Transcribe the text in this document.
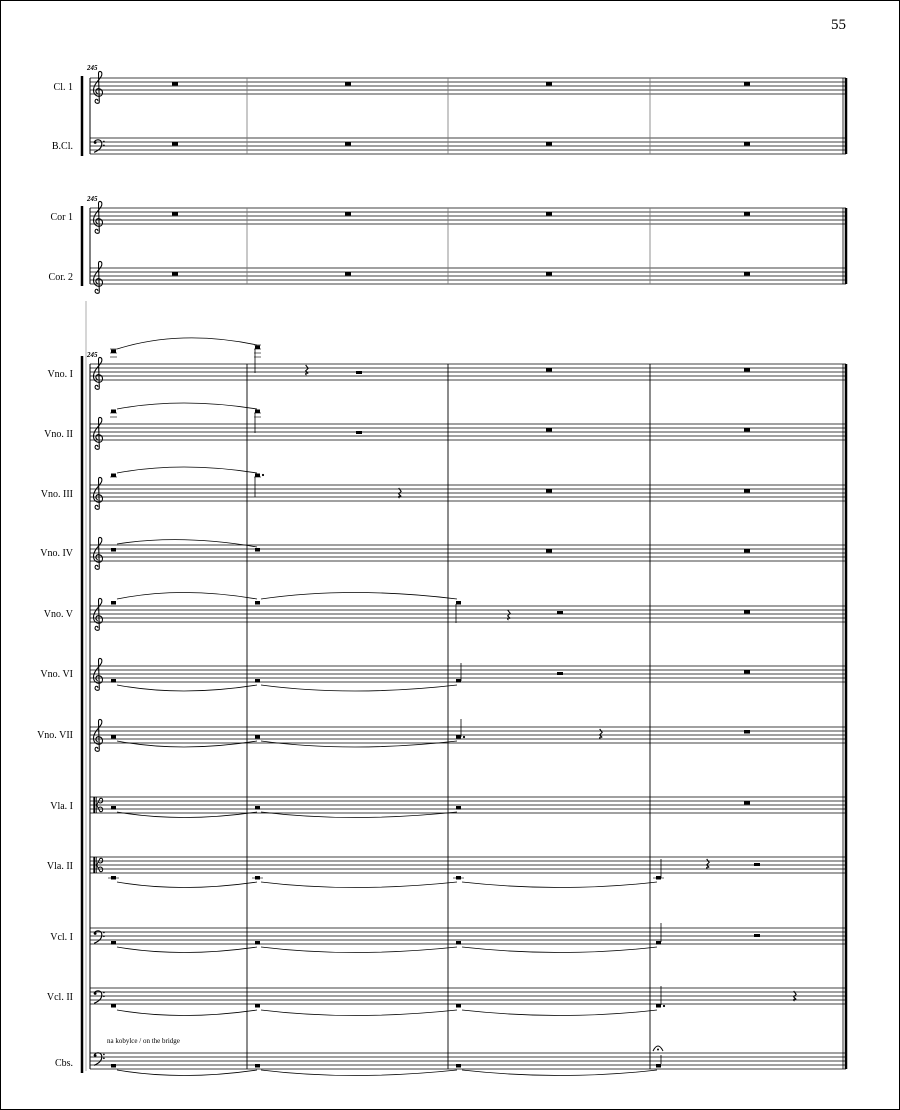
55
245
245
245
Cl. 1
B.Cl.
Cor 1
Cor. 2
Vno. I
Vno. II
Vno. III
Vno. IV
Vno. V
Vno. VI
Vno. VII
Vla. I
Vla. II
Vcl. I
Vcl. II
Cbs.
na kobylce / on the bridge
